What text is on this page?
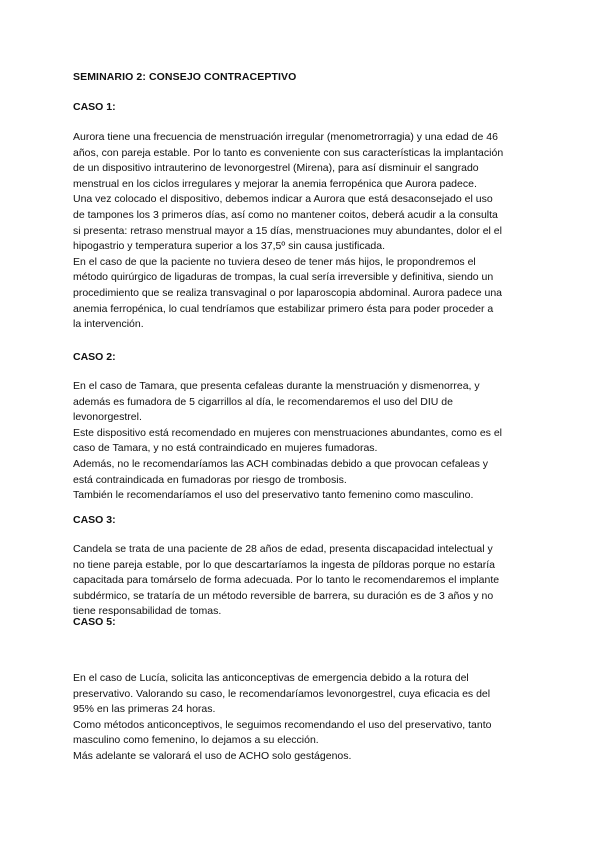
SEMINARIO 2: CONSEJO CONTRACEPTIVO
CASO 1:
Aurora tiene una frecuencia de menstruación irregular (menometrorragia) y una edad de 46
años, con pareja estable. Por lo tanto es conveniente con sus características la implantación
de un dispositivo intrauterino de levonorgestrel (Mirena), para así disminuir el sangrado
menstrual en los ciclos irregulares y mejorar la anemia ferropénica que Aurora padece.
Una vez colocado el dispositivo, debemos indicar a Aurora que está desaconsejado el uso
de tampones los 3 primeros días, así como no mantener coitos, deberá acudir a la consulta
si presenta: retraso menstrual mayor a 15 días, menstruaciones muy abundantes, dolor el el
hipogastrio y temperatura superior a los 37,5º sin causa justificada.
En el caso de que la paciente no tuviera deseo de tener más hijos, le propondremos el
método quirúrgico de ligaduras de trompas, la cual sería irreversible y definitiva, siendo un
procedimiento que se realiza transvaginal o por laparoscopia abdominal. Aurora padece una
anemia ferropénica, lo cual tendríamos que estabilizar primero ésta para poder proceder a
la intervención.
CASO 2:
En el caso de Tamara, que presenta cefaleas durante la menstruación y dismenorrea, y
además es fumadora de 5 cigarrillos al día, le recomendaremos el uso del DIU de
levonorgestrel.
Este dispositivo está recomendado en mujeres con menstruaciones abundantes, como es el
caso de Tamara, y no está contraindicado en mujeres fumadoras.
Además, no le recomendaríamos las ACH combinadas debido a que provocan cefaleas y
está contraindicada en fumadoras por riesgo de trombosis.
También le recomendaríamos el uso del preservativo tanto femenino como masculino.
CASO 3:
Candela se trata de una paciente de 28 años de edad, presenta discapacidad intelectual y
no tiene pareja estable, por lo que descartaríamos la ingesta de píldoras porque no estaría
capacitada para tomárselo de forma adecuada. Por lo tanto le recomendaremos el implante
subdérmico, se trataría de un método reversible de barrera, su duración es de 3 años y no
tiene responsabilidad de tomas.
CASO 5:
En el caso de Lucía, solicita las anticonceptivas de emergencia debido a la rotura del
preservativo. Valorando su caso, le recomendaríamos levonorgestrel, cuya eficacia es del
95% en las primeras 24 horas.
Como métodos anticonceptivos, le seguimos recomendando el uso del preservativo, tanto
masculino como femenino, lo dejamos a su elección.
Más adelante se valorará el uso de ACHO solo gestágenos.
